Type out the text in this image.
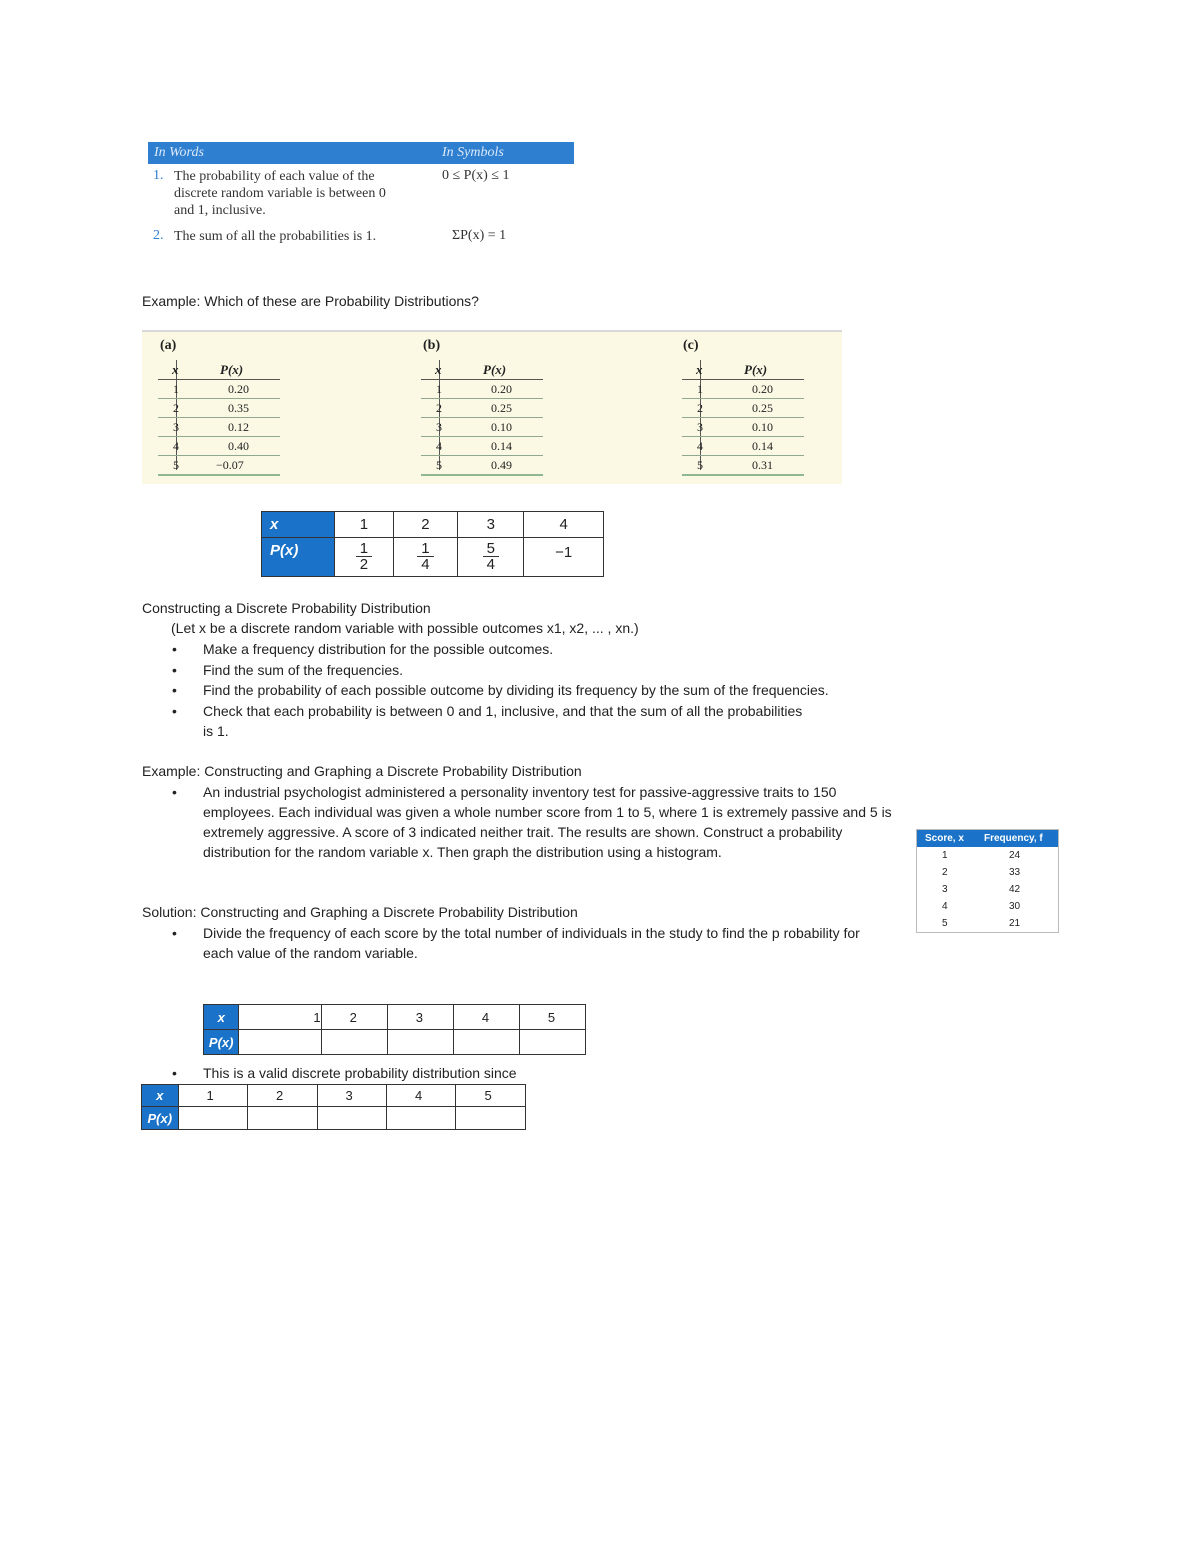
In Words	In Symbols
1. The probability of each value of the discrete random variable is between 0 and 1, inclusive.
0 ≤ P(x) ≤ 1
2. The sum of all the probabilities is 1.	ΣP(x) = 1
Example: Which of these are Probability Distributions?
(a)	(b)	(c)
x	P(x)
1	0.20
2	0.35
3	0.12
4	0.40
5	−0.07
x	P(x)
1	0.20
2	0.25
3	0.10
4	0.14
5	0.49
x	P(x)
1	0.20
2	0.25
3	0.10
4	0.14
5	0.31
x	1	2	3	4
P(x)	$\frac{1}{2}$	$\frac{1}{4}$	$\frac{5}{4}$	−1
Constructing a Discrete Probability Distribution
(Let x be a discrete random variable with possible outcomes x1, x2, ... , xn.)
• Make a frequency distribution for the possible outcomes.
• Find the sum of the frequencies.
• Find the probability of each possible outcome by dividing its frequency by the sum of the frequencies.
• Check that each probability is between 0 and 1, inclusive, and that the sum of all the probabilities
is 1.
Example: Constructing and Graphing a Discrete Probability Distribution
• An industrial psychologist administered a personality inventory test for passive-aggressive traits to 150
employees. Each individual was given a whole number score from 1 to 5, where 1 is extremely passive and 5 is
extremely aggressive. A score of 3 indicated neither trait. The results are shown. Construct a probability
distribution for the random variable x. Then graph the distribution using a histogram.
Score, x Frequency, f
1	24
2	33
3	42
4	30
5	21
Solution: Constructing and Graphing a Discrete Probability Distribution
• Divide the frequency of each score by the total number of individuals in the study to find the p robability for
each value of the random variable.
x	1	2	3	4	5
P(x)					
• This is a valid discrete probability distribution since
x	1	2	3	4	5
P(x)					
